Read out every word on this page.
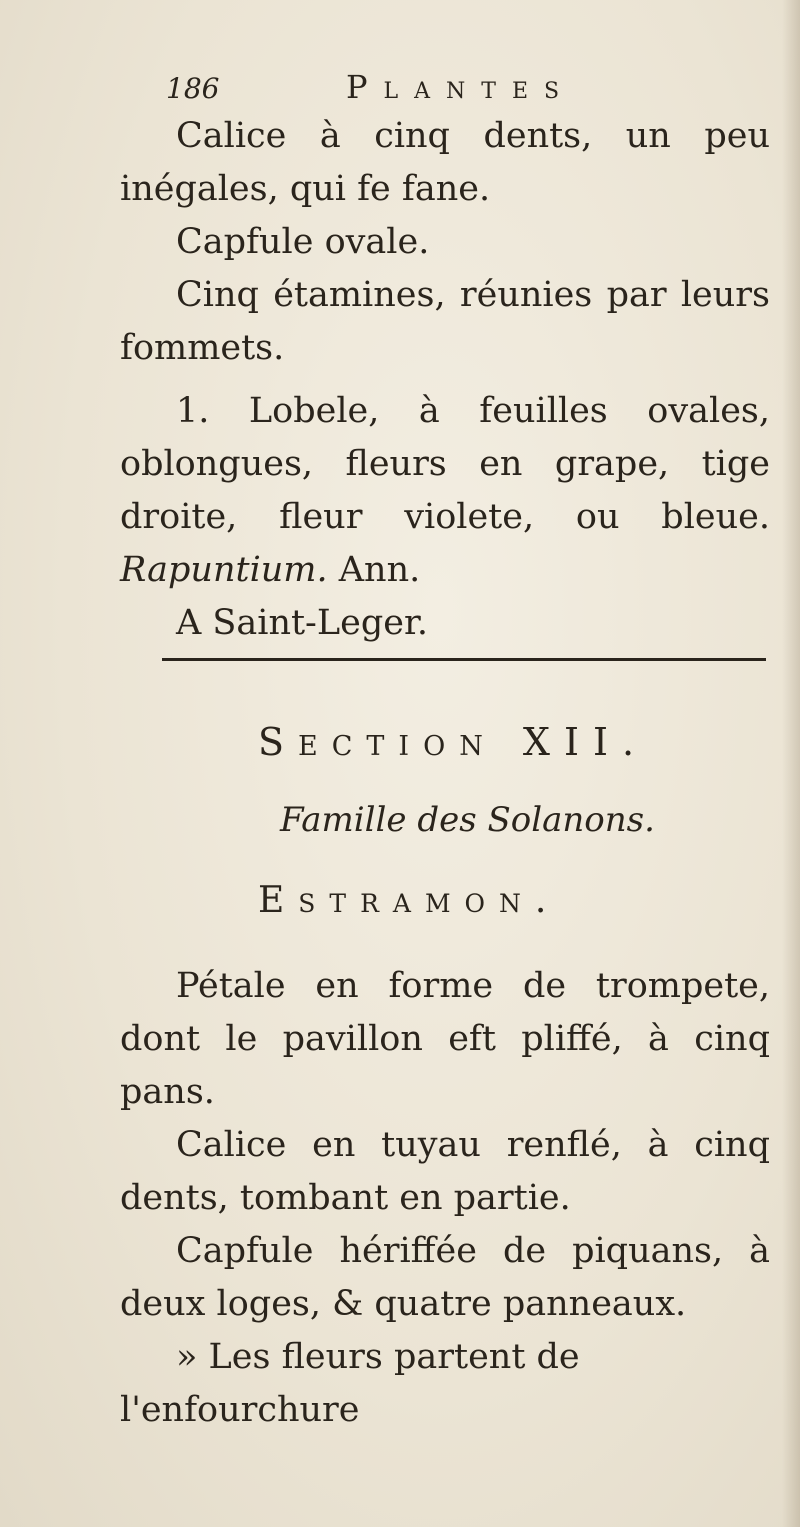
186	Plantes

Calice à cinq dents, un peu inégales, qui fe fane.

Capfule ovale.

Cinq étamines, réunies par leurs fommets.

1. Lobele, à feuilles ovales, oblongues, fleurs en grape, tige droite, fleur violete, ou bleue. Rapuntium. Ann.

A Saint-Leger.

Section XII.
Famille des Solanons.
Estramon.

Pétale en forme de trompete, dont le pavillon eft pliffé, à cinq pans.

Calice en tuyau renflé, à cinq dents, tombant en partie.

Capfule hériffée de piquans, à deux loges, & quatre panneaux.

» Les fleurs partent de l'enfourchure
